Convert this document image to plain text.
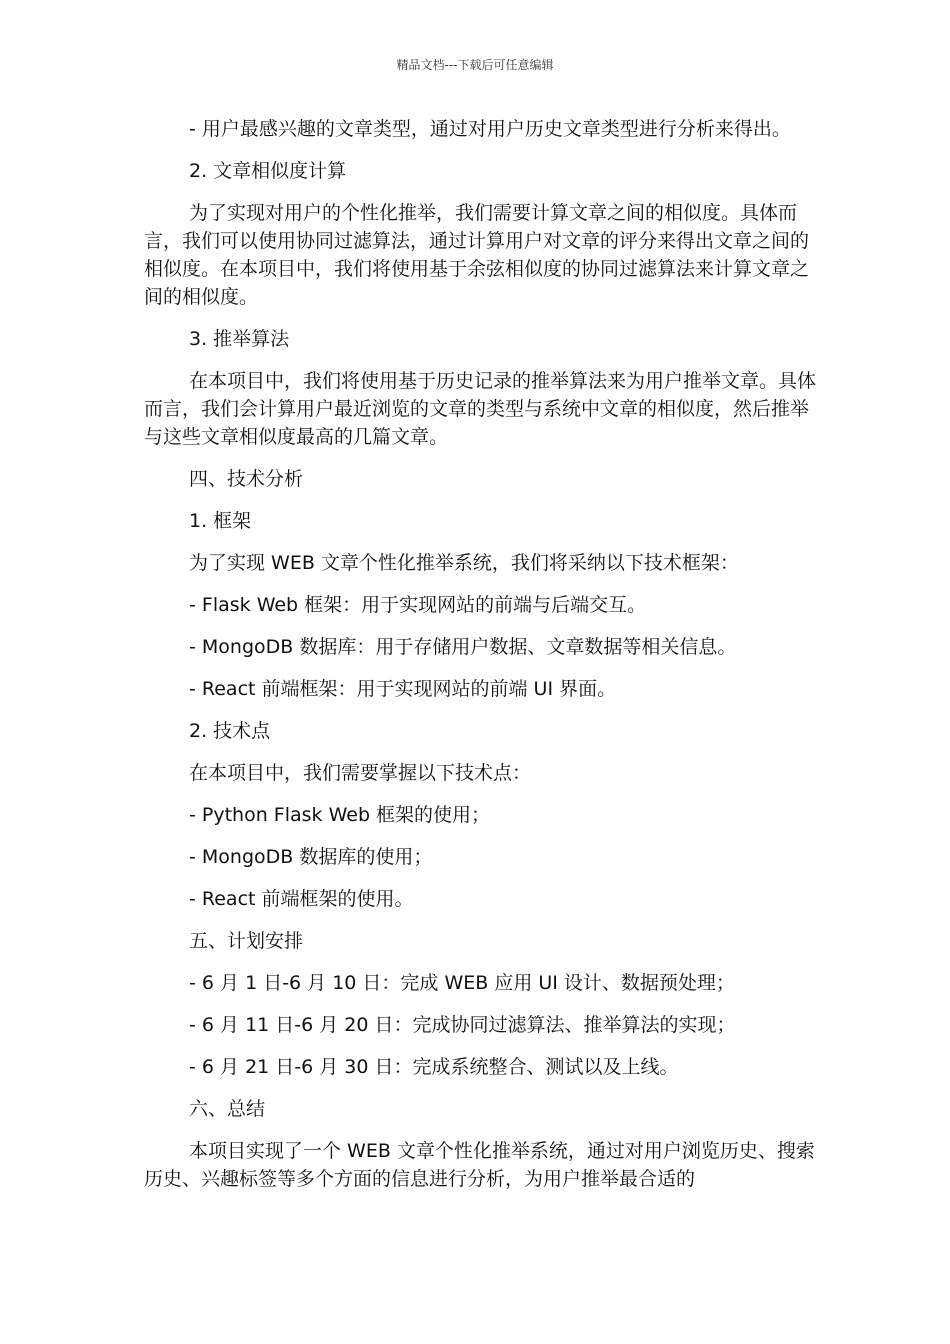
精品文档---下载后可任意编辑

- 用户最感兴趣的文章类型，通过对用户历史文章类型进行分析来得出。

2. 文章相似度计算

为了实现对用户的个性化推举，我们需要计算文章之间的相似度。具体而言，我们可以使用协同过滤算法，通过计算用户对文章的评分来得出文章之间的相似度。在本项目中，我们将使用基于余弦相似度的协同过滤算法来计算文章之间的相似度。

3. 推举算法

在本项目中，我们将使用基于历史记录的推举算法来为用户推举文章。具体而言，我们会计算用户最近浏览的文章的类型与系统中文章的相似度，然后推举与这些文章相似度最高的几篇文章。

四、技术分析

1. 框架

为了实现 WEB 文章个性化推举系统，我们将采纳以下技术框架：

- Flask Web 框架：用于实现网站的前端与后端交互。

- MongoDB 数据库：用于存储用户数据、文章数据等相关信息。

- React 前端框架：用于实现网站的前端 UI 界面。

2. 技术点

在本项目中，我们需要掌握以下技术点：

- Python Flask Web 框架的使用；

- MongoDB 数据库的使用；

- React 前端框架的使用。

五、计划安排

- 6 月 1 日-6 月 10 日：完成 WEB 应用 UI 设计、数据预处理；

- 6 月 11 日-6 月 20 日：完成协同过滤算法、推举算法的实现；

- 6 月 21 日-6 月 30 日：完成系统整合、测试以及上线。

六、总结

本项目实现了一个 WEB 文章个性化推举系统，通过对用户浏览历史、搜索历史、兴趣标签等多个方面的信息进行分析，为用户推举最合适的
